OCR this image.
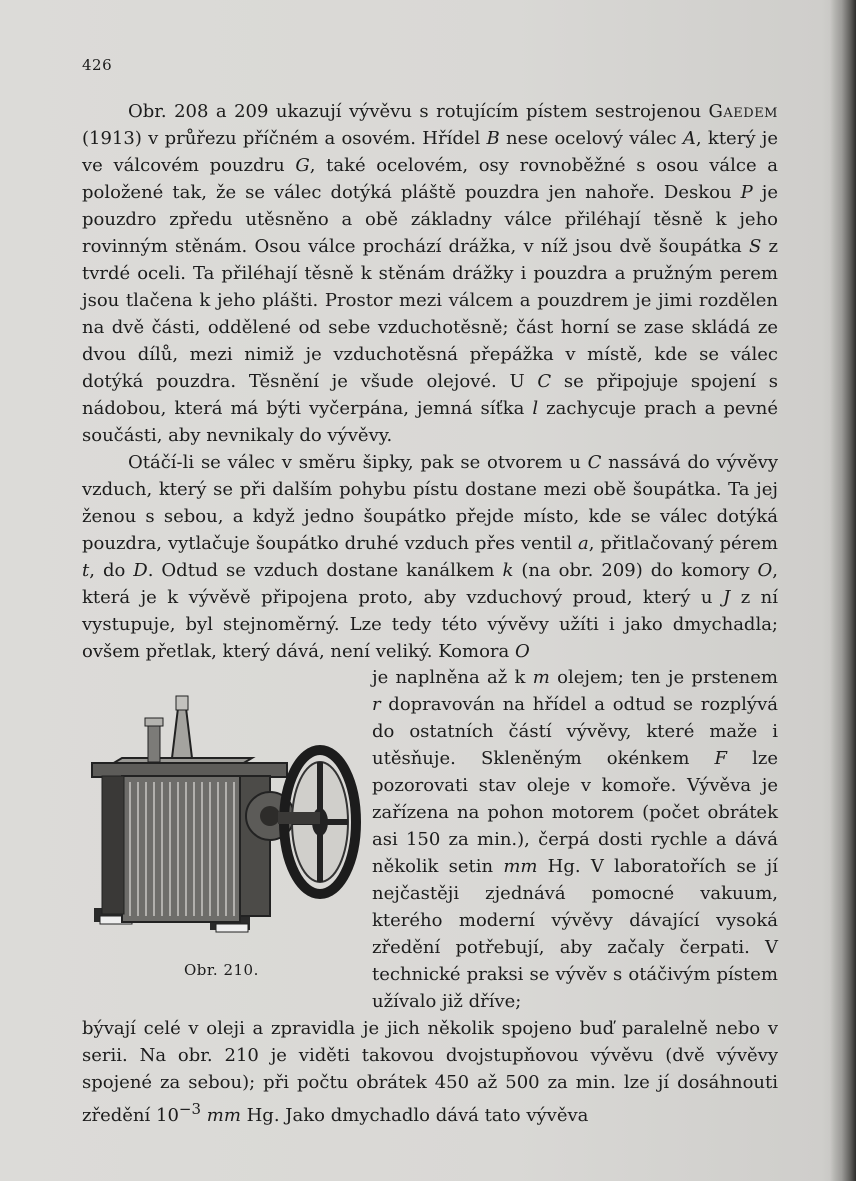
426

Obr. 208 a 209 ukazují vývěvu s rotujícím pístem sestrojenou Gaedem (1913) v průřezu příčném a osovém. Hřídel B nese ocelový válec A, který je ve válcovém pouzdru G, také ocelovém, osy rovnoběžné s osou válce a položené tak, že se válec dotýká pláště pouzdra jen nahoře. Deskou P je pouzdro zpředu utěsněno a obě základny válce přiléhají těsně k jeho rovinným stěnám. Osou válce prochází drážka, v níž jsou dvě šoupátka S z tvrdé oceli. Ta přiléhají těsně k stěnám drážky i pouzdra a pružným perem jsou tlačena k jeho plášti. Prostor mezi válcem a pouzdrem je jimi rozdělen na dvě části, oddělené od sebe vzduchotěsně; část horní se zase skládá ze dvou dílů, mezi nimiž je vzduchotěsná přepážka v místě, kde se válec dotýká pouzdra. Těsnění je všude olejové. U C se připojuje spojení s nádobou, která má býti vyčerpána, jemná síťka l zachycuje prach a pevné součásti, aby nevnikaly do vývěvy.

Otáčí-li se válec v směru šipky, pak se otvorem u C nassává do vývěvy vzduch, který se při dalším pohybu pístu dostane mezi obě šoupátka. Ta jej ženou s sebou, a když jedno šoupátko přejde místo, kde se válec dotýká pouzdra, vytlačuje šoupátko druhé vzduch přes ventil a, přitlačovaný pérem t, do D. Odtud se vzduch dostane kanálkem k (na obr. 209) do komory O, která je k vývěvě připojena proto, aby vzduchový proud, který u J z ní vystupuje, byl stejnoměrný. Lze tedy této vývěvy užíti i jako dmychadla; ovšem přetlak, který dává, není veliký. Komora O

Obr. 210.

je naplněna až k m olejem; ten je prstenem r dopravován na hřídel a odtud se rozplývá do ostatních částí vývěvy, které maže i utěsňuje. Skleněným okénkem F lze pozorovati stav oleje v komoře. Vývěva je zařízena na pohon motorem (počet obrátek asi 150 za min.), čerpá dosti rychle a dává několik setin mm Hg. V laboratořích se jí nejčastěji zjednává pomocné vakuum, kterého moderní vývěvy dávající vysoká zředění potřebují, aby začaly čerpati. V technické praksi se vývěv s otáčivým pístem užívalo již dříve;

bývají celé v oleji a zpravidla je jich několik spojeno buď paralelně nebo v serii. Na obr. 210 je viděti takovou dvojstupňovou vývěvu (dvě vývěvy spojené za sebou); při počtu obrátek 450 až 500 za min. lze jí dosáhnouti zředění $10^{-3}$ mm Hg. Jako dmychadlo dává tato vývěva
